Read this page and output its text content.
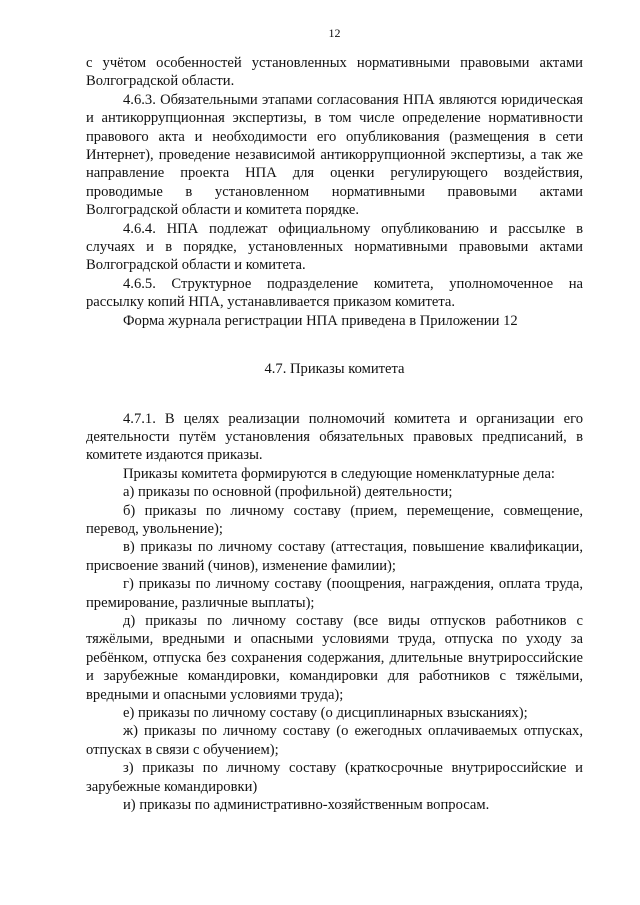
12

с учётом особенностей установленных нормативными правовыми актами Волгоградской области.

4.6.3. Обязательными этапами согласования НПА являются юридическая и антикоррупционная экспертизы, в том числе определение нормативности правового акта и необходимости его опубликования (размещения в сети Интернет), проведение независимой антикоррупционной экспертизы, а так же направление проекта НПА для оценки регулирующего воздействия, проводимые в установленном нормативными правовыми актами Волгоградской области и комитета порядке.

4.6.4. НПА подлежат официальному опубликованию и рассылке в случаях и в порядке, установленных нормативными правовыми актами Волгоградской области и комитета.

4.6.5. Структурное подразделение комитета, уполномоченное на рассылку копий НПА, устанавливается приказом комитета.

Форма журнала регистрации НПА приведена в Приложении 12

4.7. Приказы комитета

4.7.1. В целях реализации полномочий комитета и организации его деятельности путём установления обязательных правовых предписаний, в комитете издаются приказы.

Приказы комитета формируются в следующие номенклатурные дела:

а) приказы по основной (профильной) деятельности;

б) приказы по личному составу (прием, перемещение, совмещение, перевод, увольнение);

в) приказы по личному составу (аттестация, повышение квалификации, присвоение званий (чинов), изменение фамилии);

г) приказы по личному составу (поощрения, награждения, оплата труда, премирование, различные выплаты);

д) приказы по личному составу (все виды отпусков работников с тяжёлыми, вредными и опасными условиями труда, отпуска по уходу за ребёнком, отпуска без сохранения содержания, длительные внутрироссийские и зарубежные командировки, командировки для работников с тяжёлыми, вредными и опасными условиями труда);

е) приказы по личному составу (о дисциплинарных взысканиях);

ж) приказы по личному составу (о ежегодных оплачиваемых отпусках, отпусках в связи с обучением);

з) приказы по личному составу (краткосрочные внутрироссийские и зарубежные командировки)

и) приказы по административно-хозяйственным вопросам.
